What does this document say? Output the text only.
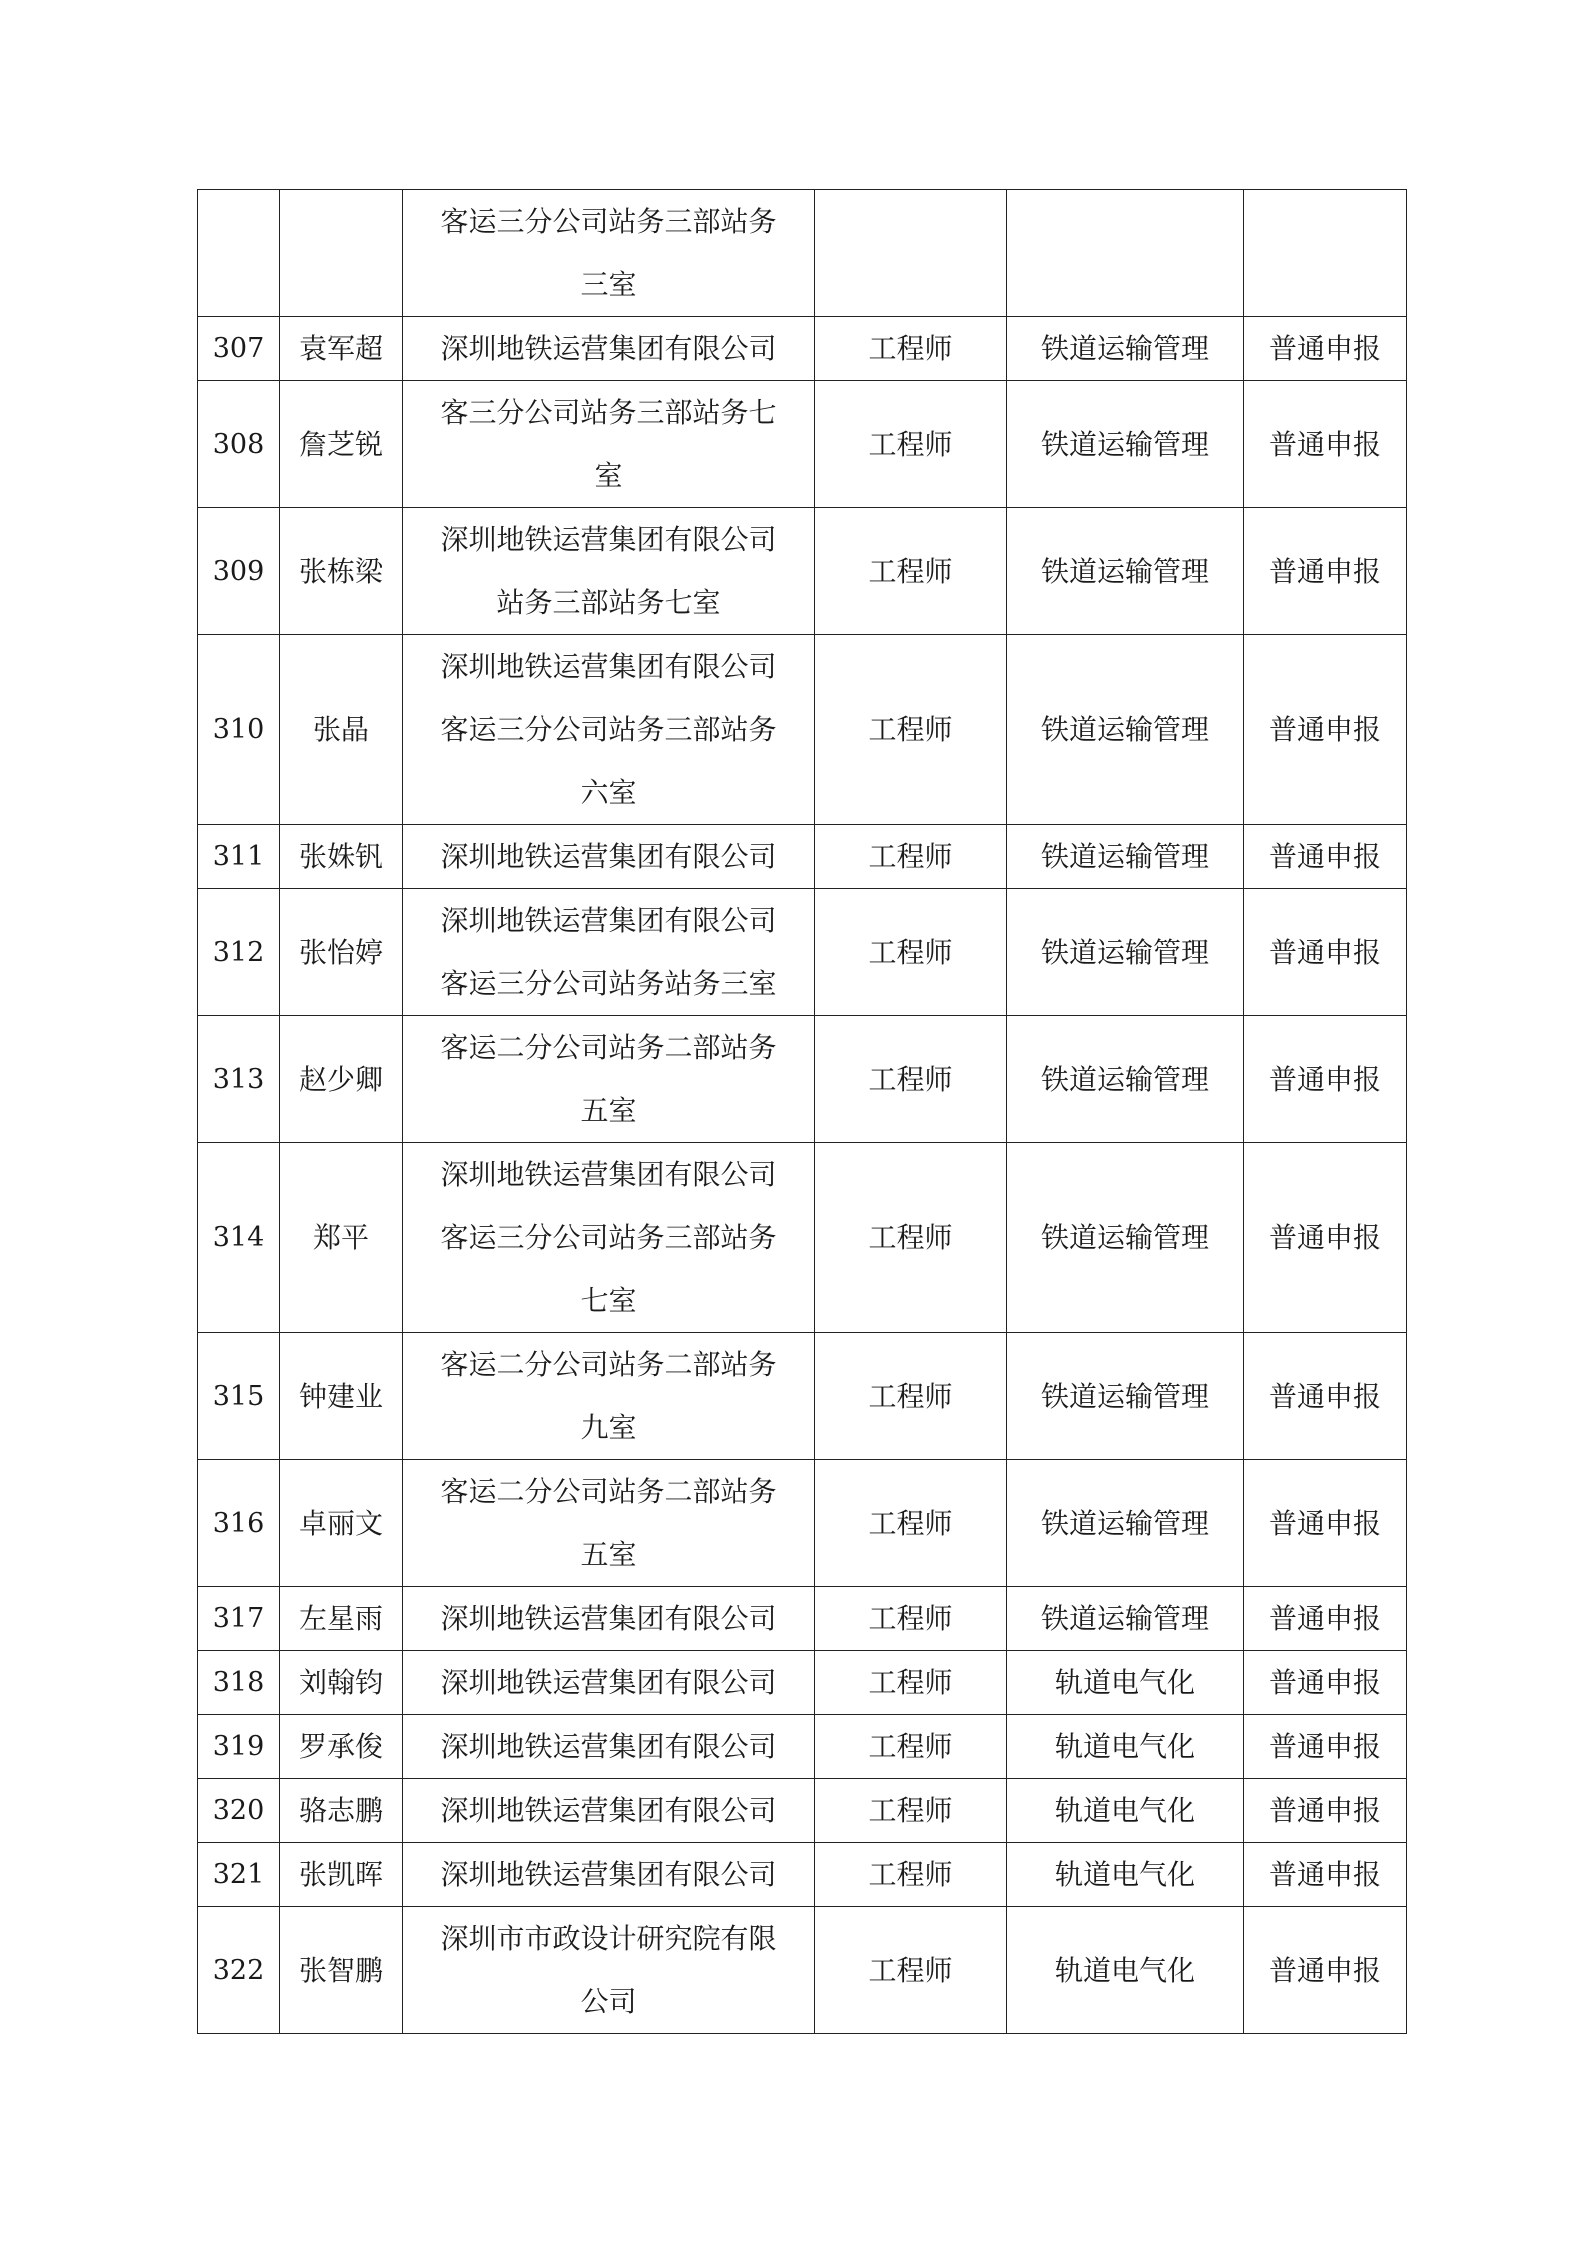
		客运三分公司站务三部站务
三室			

307	袁军超	深圳地铁运营集团有限公司	工程师	铁道运输管理	普通申报
308	詹芝锐	客三分公司站务三部站务七
室	工程师	铁道运输管理	普通申报
309	张栋梁	深圳地铁运营集团有限公司
站务三部站务七室	工程师	铁道运输管理	普通申报
310	张晶	深圳地铁运营集团有限公司
客运三分公司站务三部站务
六室	工程师	铁道运输管理	普通申报
311	张姝钒	深圳地铁运营集团有限公司	工程师	铁道运输管理	普通申报
312	张怡婷	深圳地铁运营集团有限公司
客运三分公司站务站务三室	工程师	铁道运输管理	普通申报
313	赵少卿	客运二分公司站务二部站务
五室	工程师	铁道运输管理	普通申报
314	郑平	深圳地铁运营集团有限公司
客运三分公司站务三部站务
七室	工程师	铁道运输管理	普通申报
315	钟建业	客运二分公司站务二部站务
九室	工程师	铁道运输管理	普通申报
316	卓丽文	客运二分公司站务二部站务
五室	工程师	铁道运输管理	普通申报
317	左星雨	深圳地铁运营集团有限公司	工程师	铁道运输管理	普通申报
318	刘翰钧	深圳地铁运营集团有限公司	工程师	轨道电气化	普通申报
319	罗承俊	深圳地铁运营集团有限公司	工程师	轨道电气化	普通申报
320	骆志鹏	深圳地铁运营集团有限公司	工程师	轨道电气化	普通申报
321	张凯晖	深圳地铁运营集团有限公司	工程师	轨道电气化	普通申报
322	张智鹏	深圳市市政设计研究院有限
公司	工程师	轨道电气化	普通申报
